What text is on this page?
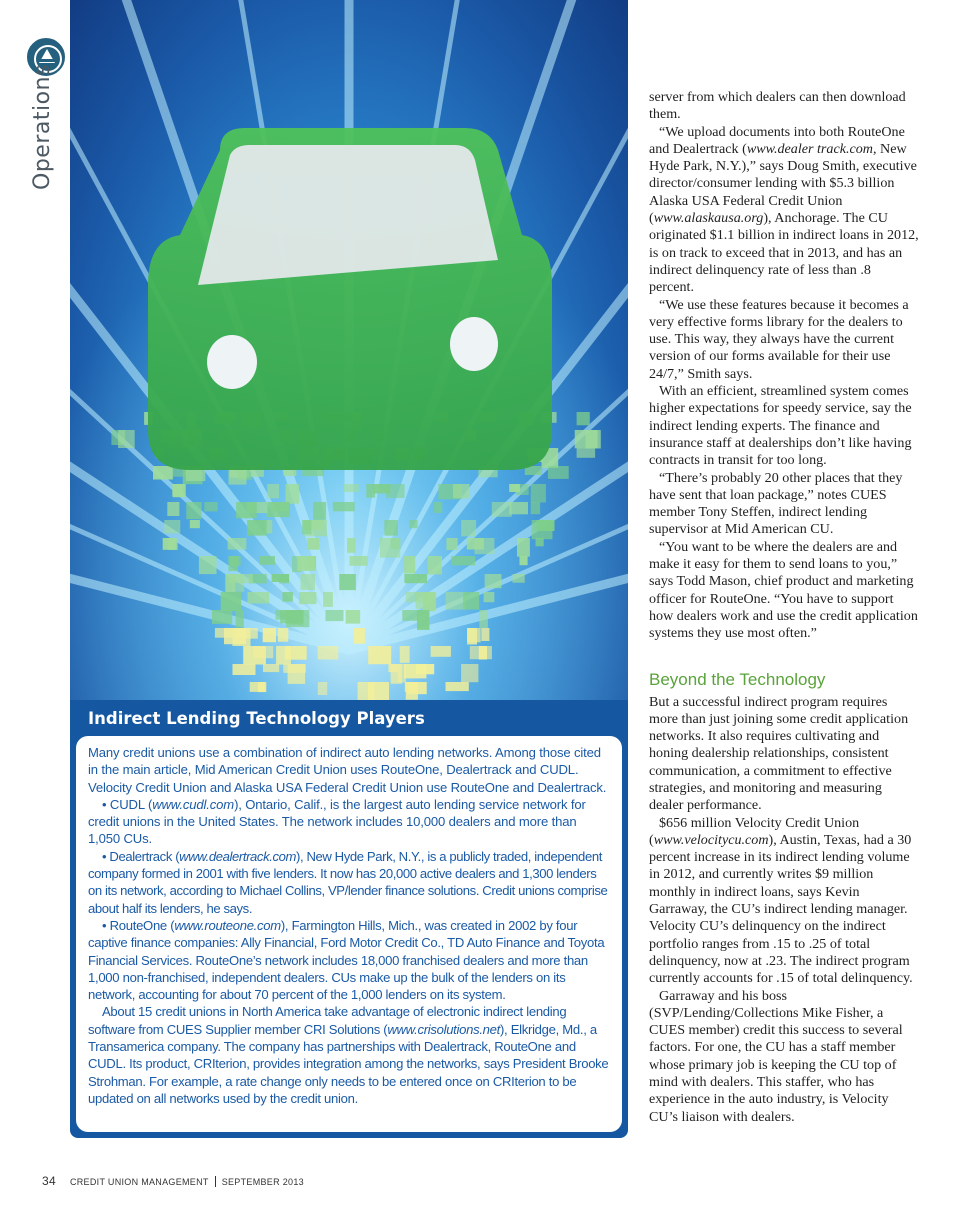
Operations
Indirect Lending Technology Players

Many credit unions use a combination of indirect auto lending networks. Among those cited in the main article, Mid American Credit Union uses RouteOne, Dealertrack and CUDL. Velocity Credit Union and Alaska USA Federal Credit Union use RouteOne and Dealertrack.

• CUDL (www.cudl.com), Ontario, Calif., is the largest auto lending service network for credit unions in the United States. The network includes 10,000 dealers and more than 1,050 CUs.

• Dealertrack (www.dealertrack.com), New Hyde Park, N.Y., is a publicly traded, independent company formed in 2001 with five lenders. It now has 20,000 active dealers and 1,300 lenders on its network, according to Michael Collins, VP/lender finance solutions. Credit unions comprise about half its lenders, he says.

• RouteOne (www.routeone.com), Farmington Hills, Mich., was created in 2002 by four captive finance companies: Ally Financial, Ford Motor Credit Co., TD Auto Finance and Toyota Financial Services. RouteOne’s network includes 18,000 franchised dealers and more than 1,000 non-franchised, independent dealers. CUs make up the bulk of the lenders on its network, accounting for about 70 percent of the 1,000 lenders on its system.

About 15 credit unions in North America take advantage of electronic indirect lending software from CUES Supplier member CRI Solutions (www.crisolutions.net), Elkridge, Md., a Transamerica company. The company has partnerships with Dealertrack, RouteOne and CUDL. Its product, CRIterion, provides integration among the networks, says President Brooke Strohman. For example, a rate change only needs to be entered once on CRIterion to be updated on all networks used by the credit union.

server from which dealers can then download them.

“We upload documents into both RouteOne and Dealertrack (www.dealer track.com, New Hyde Park, N.Y.),” says Doug Smith, executive director/consumer lending with $5.3 billion Alaska USA Federal Credit Union (www.alaskausa.org), Anchorage. The CU originated $1.1 billion in indirect loans in 2012, is on track to exceed that in 2013, and has an indirect delinquency rate of less than .8 percent.

“We use these features because it becomes a very effective forms library for the dealers to use. This way, they always have the current version of our forms available for their use 24/7,” Smith says.

With an efficient, streamlined system comes higher expectations for speedy service, say the indirect lending experts. The finance and insurance staff at dealerships don’t like having contracts in transit for too long.

“There’s probably 20 other places that they have sent that loan package,” notes CUES member Tony Steffen, indirect lending supervisor at Mid American CU.

“You want to be where the dealers are and make it easy for them to send loans to you,” says Todd Mason, chief product and marketing officer for RouteOne. “You have to support how dealers work and use the credit application systems they use most often.”

Beyond the Technology

But a successful indirect program requires more than just joining some credit application networks. It also requires cultivating and honing dealership relationships, consistent communication, a commitment to effective strategies, and monitoring and measuring dealer performance.

$656 million Velocity Credit Union (www.velocitycu.com), Austin, Texas, had a 30 percent increase in its indirect lending volume in 2012, and currently writes $9 million monthly in indirect loans, says Kevin Garraway, the CU’s indirect lending manager. Velocity CU’s delinquency on the indirect portfolio ranges from .15 to .25 of total delinquency, now at .23. The indirect program currently accounts for .15 of total delinquency.

Garraway and his boss (SVP/Lending/Collections Mike Fisher, a CUES member) credit this success to several factors. For one, the CU has a staff member whose primary job is keeping the CU top of mind with dealers. This staffer, who has experience in the auto industry, is Velocity CU’s liaison with dealers.

34 CREDIT UNION MANAGEMENT SEPTEMBER 2013
